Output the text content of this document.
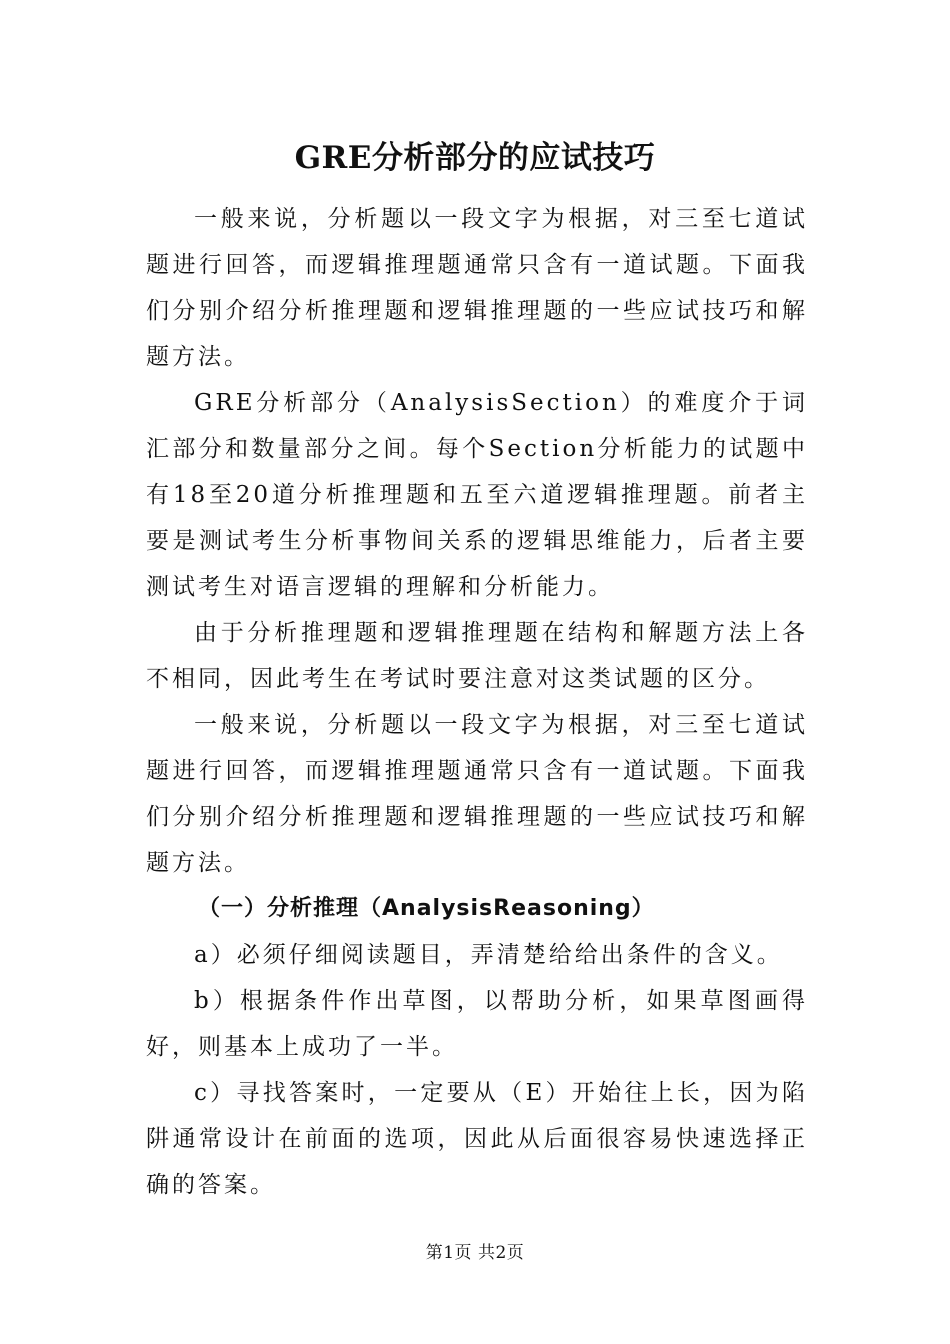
GRE分析部分的应试技巧

一般来说，分析题以一段文字为根据，对三至七道试题进行回答，而逻辑推理题通常只含有一道试题。下面我们分别介绍分析推理题和逻辑推理题的一些应试技巧和解题方法。

GRE分析部分（AnalysisSection）的难度介于词汇部分和数量部分之间。每个Section分析能力的试题中有18至20道分析推理题和五至六道逻辑推理题。前者主要是测试考生分析事物间关系的逻辑思维能力，后者主要测试考生对语言逻辑的理解和分析能力。

由于分析推理题和逻辑推理题在结构和解题方法上各不相同，因此考生在考试时要注意对这类试题的区分。

一般来说，分析题以一段文字为根据，对三至七道试题进行回答，而逻辑推理题通常只含有一道试题。下面我们分别介绍分析推理题和逻辑推理题的一些应试技巧和解题方法。

（一）分析推理（AnalysisReasoning）

a）必须仔细阅读题目，弄清楚给给出条件的含义。

b）根据条件作出草图，以帮助分析，如果草图画得好，则基本上成功了一半。

c）寻找答案时，一定要从（E）开始往上长，因为陷阱通常设计在前面的选项，因此从后面很容易快速选择正确的答案。

第1页 共2页
